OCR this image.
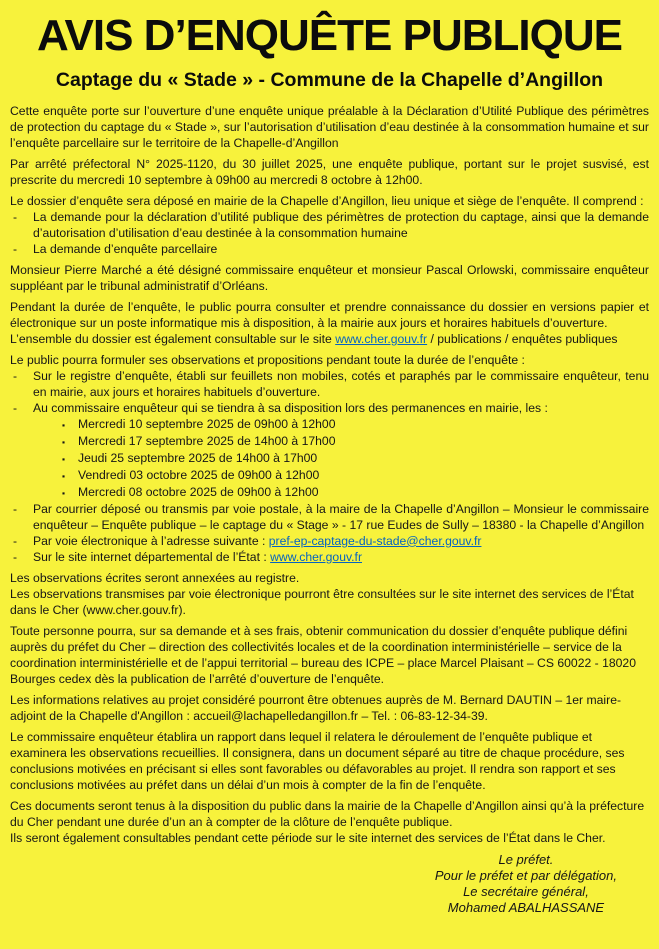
AVIS D’ENQUÊTE PUBLIQUE
Captage du « Stade » - Commune de la Chapelle d’Angillon
Cette enquête porte sur l’ouverture d’une enquête unique préalable à la Déclaration d’Utilité Publique des périmètres de protection du captage du « Stade », sur l’autorisation d’utilisation d’eau destinée à la consommation humaine et sur l’enquête parcellaire sur le territoire de la Chapelle-d’Angillon
Par arrêté préfectoral N° 2025-1120, du 30 juillet 2025, une enquête publique, portant sur le projet susvisé, est prescrite du mercredi 10 septembre à 09h00 au mercredi 8 octobre à 12h00.
Le dossier d’enquête sera déposé en mairie de la Chapelle d’Angillon, lieu unique et siège de l’enquête. Il comprend :
-	La demande pour la déclaration d’utilité publique des périmètres de protection du captage, ainsi que la demande d’autorisation d’utilisation d’eau destinée à la consommation humaine
-	La demande d’enquête parcellaire
Monsieur Pierre Marché a été désigné commissaire enquêteur et monsieur Pascal Orlowski, commissaire enquêteur suppléant par le tribunal administratif d’Orléans.
Pendant la durée de l’enquête, le public pourra consulter et prendre connaissance du dossier en versions papier et électronique sur un poste informatique mis à disposition, à la mairie aux jours et horaires habituels d’ouverture.
L’ensemble du dossier est également consultable sur le site www.cher.gouv.fr / publications / enquêtes publiques
Le public pourra formuler ses observations et propositions pendant toute la durée de l’enquête :
-	Sur le registre d’enquête, établi sur feuillets non mobiles, cotés et paraphés par le commissaire enquêteur, tenu en mairie, aux jours et horaires habituels d’ouverture.
-	Au commissaire enquêteur qui se tiendra à sa disposition lors des permanences en mairie, les :
▪	Mercredi 10 septembre 2025 de 09h00 à 12h00
▪	Mercredi 17 septembre 2025 de 14h00 à 17h00
▪	Jeudi 25 septembre 2025 de 14h00 à 17h00
▪	Vendredi 03 octobre 2025 de 09h00 à 12h00
▪	Mercredi 08 octobre 2025 de 09h00 à 12h00
-	Par courrier déposé ou transmis par voie postale, à la maire de la Chapelle d’Angillon – Monsieur le commissaire enquêteur – Enquête publique – le captage du « Stage » - 17 rue Eudes de Sully – 18380 - la Chapelle d’Angillon
-	Par voie électronique à l’adresse suivante : pref-ep-captage-du-stade@cher.gouv.fr
-	Sur le site internet départemental de l’État : www.cher.gouv.fr
Les observations écrites seront annexées au registre.
Les observations transmises par voie électronique pourront être consultées sur le site internet des services de l’État dans le Cher (www.cher.gouv.fr).
Toute personne pourra, sur sa demande et à ses frais, obtenir communication du dossier d’enquête publique défini auprès du préfet du Cher – direction des collectivités locales et de la coordination interministérielle – service de la coordination interministérielle et de l’appui territorial – bureau des ICPE – place Marcel Plaisant – CS 60022 - 18020 Bourges cedex dès la publication de l’arrêté d’ouverture de l’enquête.
Les informations relatives au projet considéré pourront être obtenues auprès de M. Bernard DAUTIN – 1er maire-adjoint de la Chapelle d'Angillon : accueil@lachapelledangillon.fr – Tel. : 06-83-12-34-39.
Le commissaire enquêteur établira un rapport dans lequel il relatera le déroulement de l’enquête publique et examinera les observations recueillies. Il consignera, dans un document séparé au titre de chaque procédure, ses conclusions motivées en précisant si elles sont favorables ou défavorables au projet. Il rendra son rapport et ses conclusions motivées au préfet dans un délai d’un mois à compter de la fin de l’enquête.
Ces documents seront tenus à la disposition du public dans la mairie de la Chapelle d’Angillon ainsi qu’à la préfecture du Cher pendant une durée d’un an à compter de la clôture de l’enquête publique.
Ils seront également consultables pendant cette période sur le site internet des services de l’État dans le Cher.
Le préfet.
Pour le préfet et par délégation,
Le secrétaire général,
Mohamed ABALHASSANE
